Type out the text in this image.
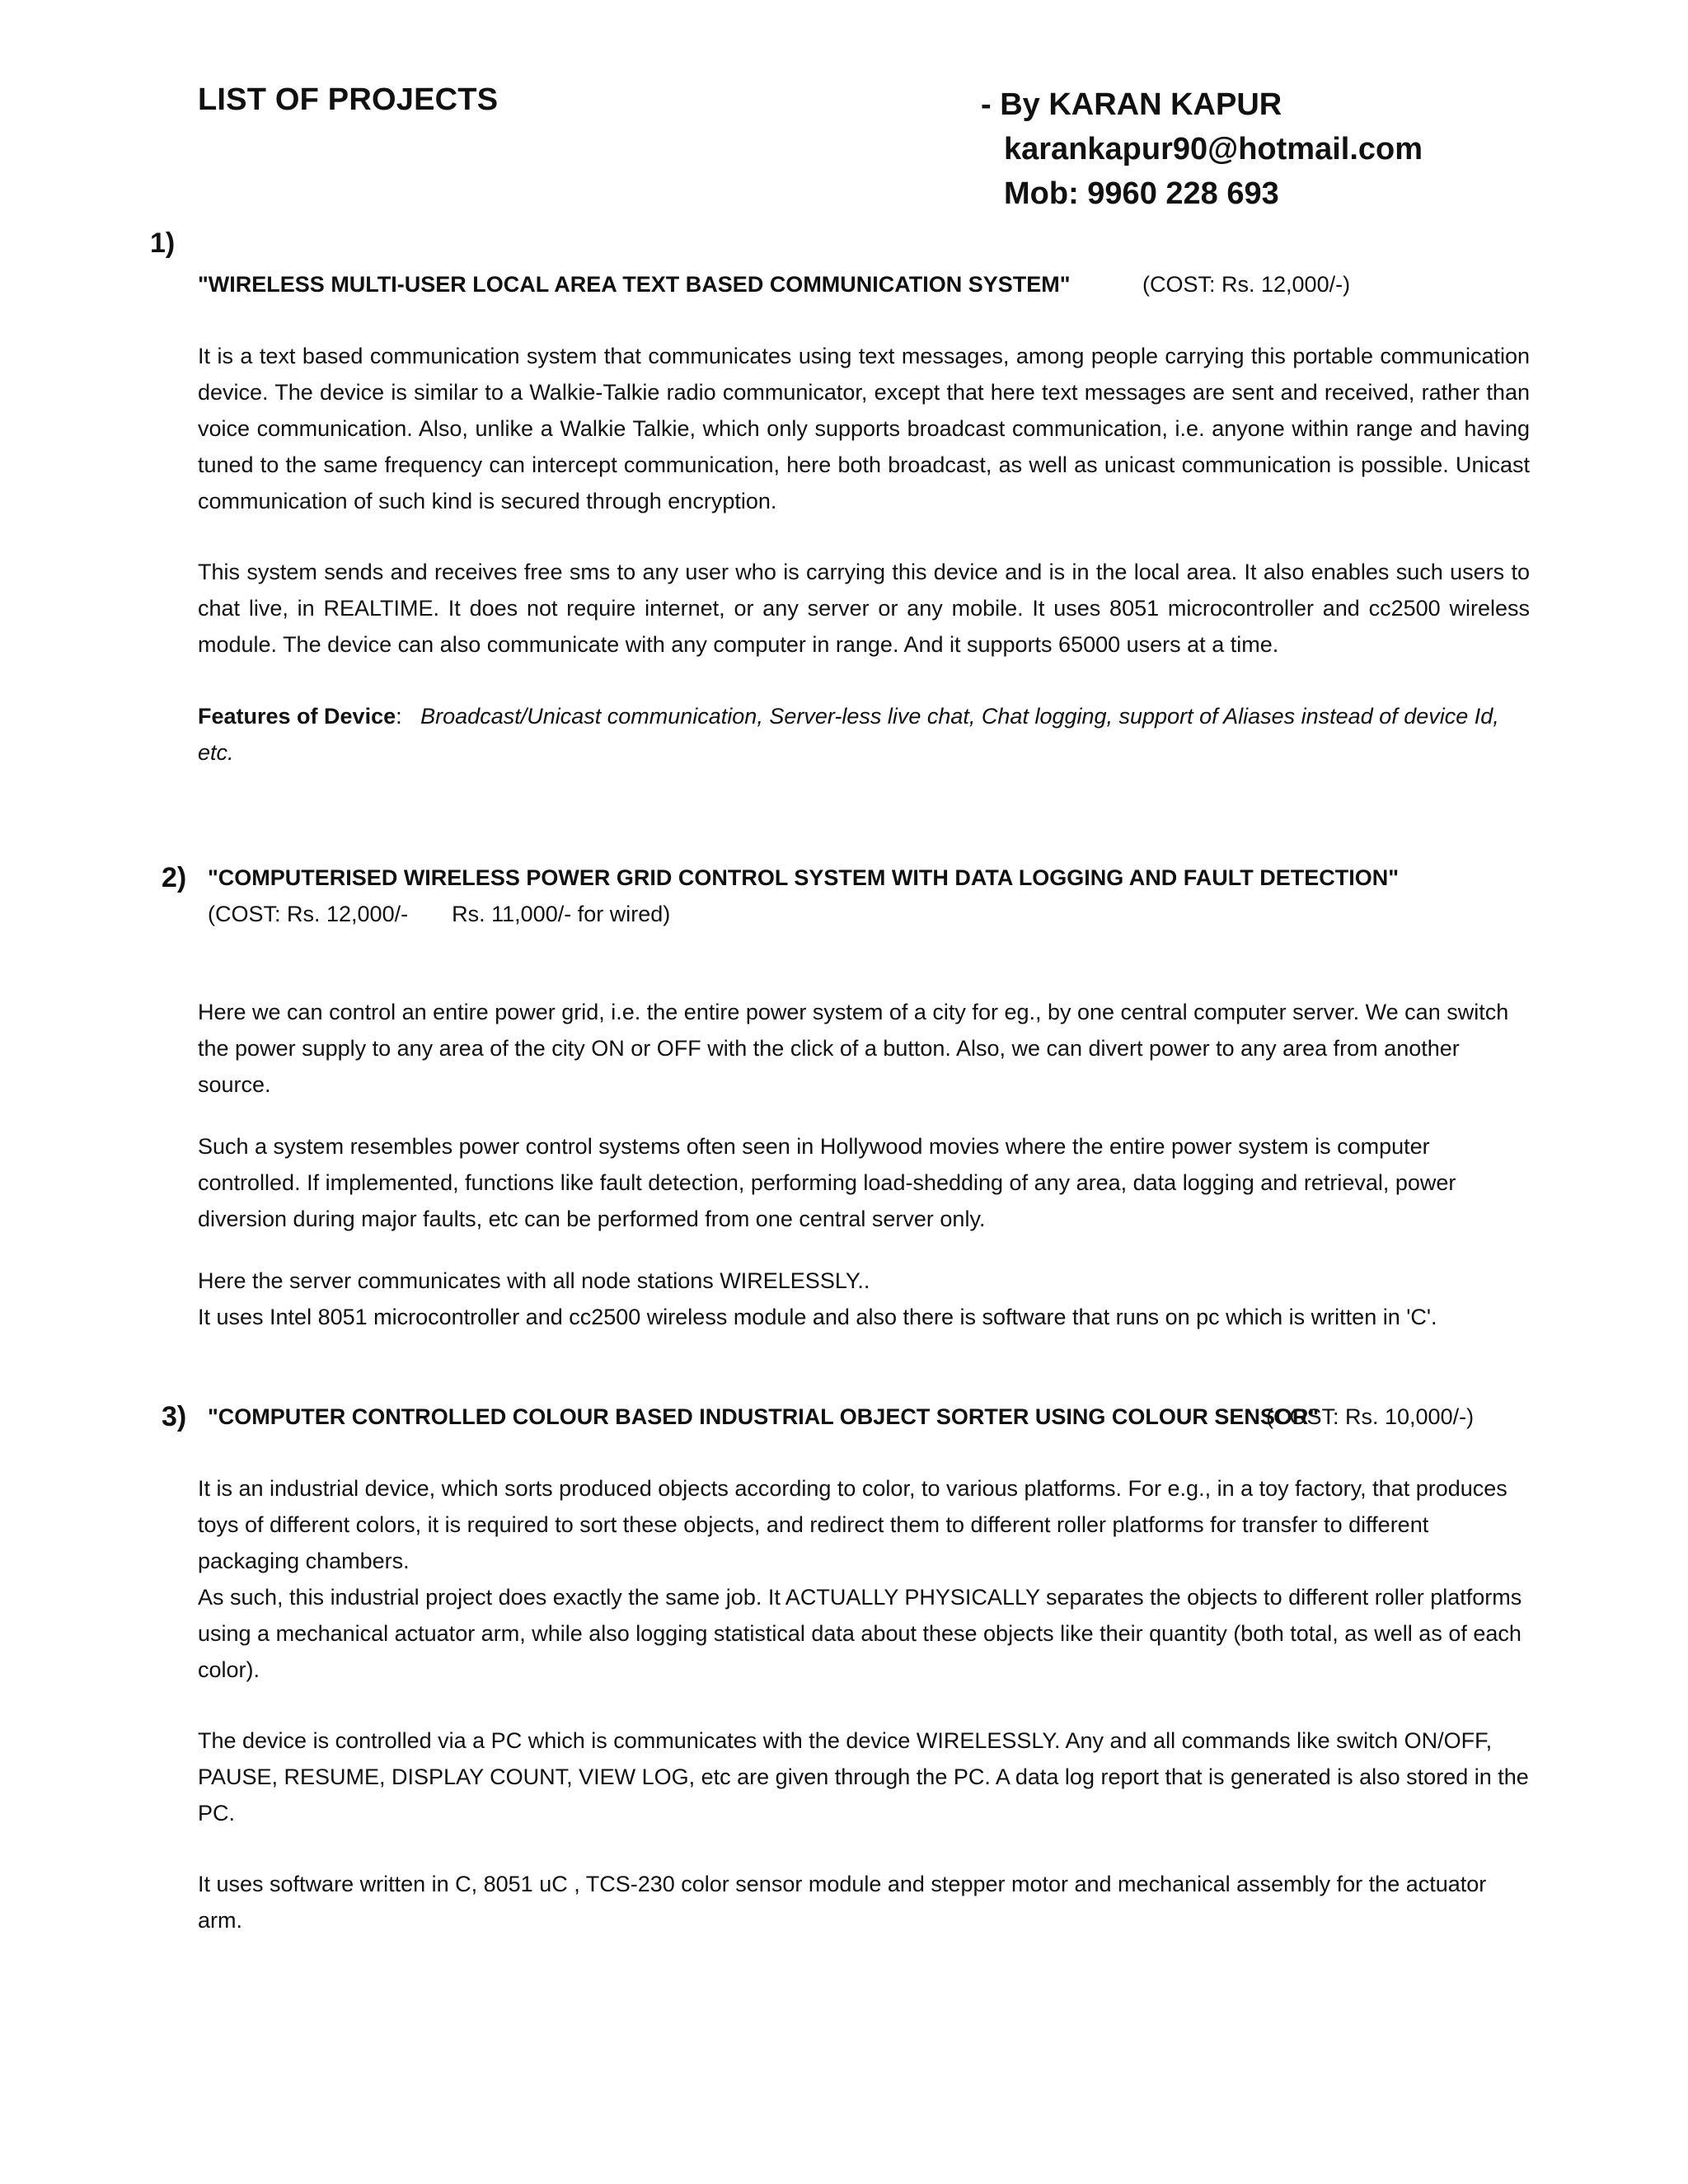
LIST OF PROJECTS	- By KARAN KAPUR
karankapur90@hotmail.com
Mob: 9960 228 693
1)
"WIRELESS MULTI-USER LOCAL AREA TEXT BASED COMMUNICATION SYSTEM"	(COST: Rs. 12,000/-)
It is a text based communication system that communicates using text messages, among people carrying this portable communication device. The device is similar to a Walkie-Talkie radio communicator, except that here text messages are sent and received, rather than voice communication. Also, unlike a Walkie Talkie, which only supports broadcast communication, i.e. anyone within range and having tuned to the same frequency can intercept communication, here both broadcast, as well as unicast communication is possible. Unicast communication of such kind is secured through encryption.
This system sends and receives free sms to any user who is carrying this device and is in the local area. It also enables such users to chat live, in REALTIME. It does not require internet, or any server or any mobile. It uses 8051 microcontroller and cc2500 wireless module. The device can also communicate with any computer in range. And it supports 65000 users at a time.
Features of Device: Broadcast/Unicast communication, Server-less live chat, Chat logging, support of Aliases instead of device Id, etc.
2) "COMPUTERISED WIRELESS POWER GRID CONTROL SYSTEM WITH DATA LOGGING AND FAULT DETECTION"
(COST: Rs. 12,000/- Rs. 11,000/- for wired)
Here we can control an entire power grid, i.e. the entire power system of a city for eg., by one central computer server. We can switch the power supply to any area of the city ON or OFF with the click of a button. Also, we can divert power to any area from another source.
Such a system resembles power control systems often seen in Hollywood movies where the entire power system is computer controlled. If implemented, functions like fault detection, performing load-shedding of any area, data logging and retrieval, power diversion during major faults, etc can be performed from one central server only.
Here the server communicates with all node stations WIRELESSLY..
It uses Intel 8051 microcontroller and cc2500 wireless module and also there is software that runs on pc which is written in 'C'.
3) "COMPUTER CONTROLLED COLOUR BASED INDUSTRIAL OBJECT SORTER USING COLOUR SENSOR"
(COST: Rs. 10,000/-)
It is an industrial device, which sorts produced objects according to color, to various platforms. For e.g., in a toy factory, that produces toys of different colors, it is required to sort these objects, and redirect them to different roller platforms for transfer to different packaging chambers.
As such, this industrial project does exactly the same job. It ACTUALLY PHYSICALLY separates the objects to different roller platforms using a mechanical actuator arm, while also logging statistical data about these objects like their quantity (both total, as well as of each color).
The device is controlled via a PC which is communicates with the device WIRELESSLY. Any and all commands like switch ON/OFF, PAUSE, RESUME, DISPLAY COUNT, VIEW LOG, etc are given through the PC. A data log report that is generated is also stored in the PC.
It uses software written in C, 8051 uC , TCS-230 color sensor module and stepper motor and mechanical assembly for the actuator arm.
